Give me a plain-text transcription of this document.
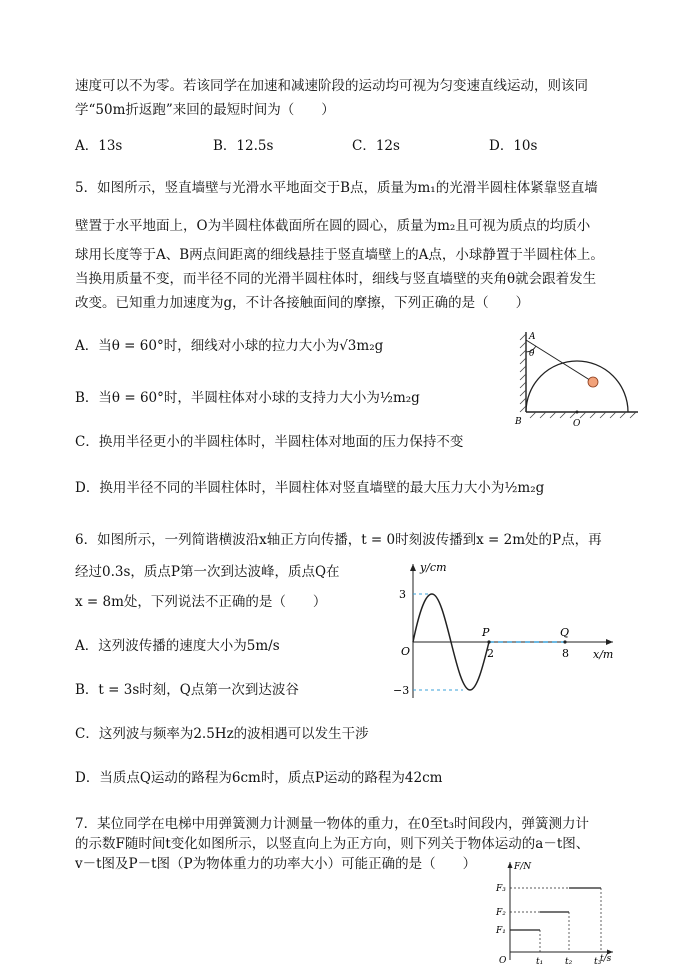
速度可以不为零。若该同学在加速和减速阶段的运动均可视为匀变速直线运动，则该同
学“50m折返跑”来回的最短时间为（　　）
A．13s	B．12.5s	C．12s	D．10s
5．如图所示，竖直墙壁与光滑水平地面交于B点，质量为m₁的光滑半圆柱体紧靠竖直墙
壁置于水平地面上，O为半圆柱体截面所在圆的圆心，质量为m₂且可视为质点的均质小
球用长度等于A、B两点间距离的细线悬挂于竖直墙壁上的A点，小球静置于半圆柱体上。
当换用质量不变，而半径不同的光滑半圆柱体时，细线与竖直墙壁的夹角θ就会跟着发生
改变。已知重力加速度为g，不计各接触面间的摩擦，下列正确的是（　　）
A．当θ = 60°时，细线对小球的拉力大小为√3m₂g
B．当θ = 60°时，半圆柱体对小球的支持力大小为½m₂g
C．换用半径更小的半圆柱体时，半圆柱体对地面的压力保持不变
D．换用半径不同的半圆柱体时，半圆柱体对竖直墙壁的最大压力大小为½m₂g
A
θ
B	O
6．如图所示，一列简谐横波沿x轴正方向传播，t = 0时刻波传播到x = 2m处的P点，再
经过0.3s，质点P第一次到达波峰，质点Q在
x = 8m处，下列说法不正确的是（　　）
A．这列波传播的速度大小为5m/s
B．t = 3s时刻，Q点第一次到达波谷
C．这列波与频率为2.5Hz的波相遇可以发生干涉
D．当质点Q运动的路程为6cm时，质点P运动的路程为42cm
y/cm
x/m
3
−3
O	2	8
P	Q
7．某位同学在电梯中用弹簧测力计测量一物体的重力，在0至t₃时间段内，弹簧测力计
的示数F随时间t变化如图所示，以竖直向上为正方向，则下列关于物体运动的a－t图、
v－t图及P－t图（P为物体重力的功率大小）可能正确的是（　　）	F/N
t/s
F₃
F₂
F₁
O	t₁ t₂ t₃
